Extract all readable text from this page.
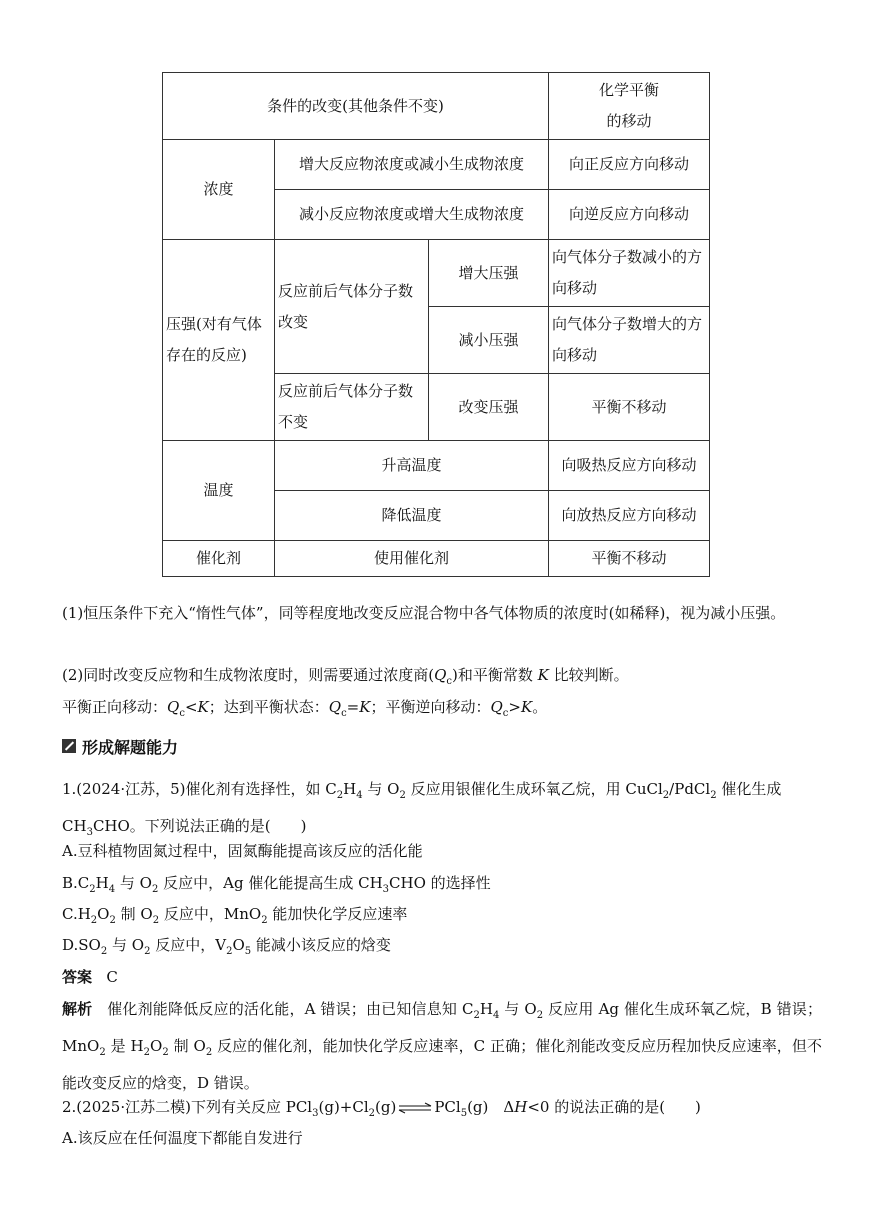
条件的改变(其他条件不变)			化学平衡
的移动
浓度	增大反应物浓度或减小生成物浓度		向正反应方向移动
	减小反应物浓度或增大生成物浓度		向逆反应方向移动
压强(对有气体存在的反应)	反应前后气体分子数改变	增大压强	向气体分子数减小的方向移动
		减小压强	向气体分子数增大的方向移动
	反应前后气体分子数不变	改变压强	平衡不移动
温度	升高温度		向吸热反应方向移动
	降低温度		向放热反应方向移动
催化剂	使用催化剂		平衡不移动
(1)恒压条件下充入“惰性气体”，同等程度地改变反应混合物中各气体物质的浓度时(如稀释)，视为减小压强。
(2)同时改变反应物和生成物浓度时，则需要通过浓度商$(Q_c)$和平衡常数 K 比较判断。
平衡正向移动：$Q_c<K$；达到平衡状态：$Q_c=K$；平衡逆向移动：$Q_c>K$。
形成解题能力
1.(2024·江苏，5)催化剂有选择性，如 $C_2H_4$ 与 $O_2$ 反应用银催化生成环氧乙烷，用 CuCl$_2$/PdCl$_2$ 催化生成$CH_3CHO$。下列说法正确的是(　　)
A.豆科植物固氮过程中，固氮酶能提高该反应的活化能
$B.C_2H_4$ 与 $O_2$ 反应中，Ag 催化能提高生成 $CH_3CHO$ 的选择性
$C.H_2O_2$ 制 $O_2$ 反应中，MnO$_2$ 能加快化学反应速率
$D.SO_2$ 与 $O_2$ 反应中，$V_2O_5$ 能减小该反应的焓变
答案 C
解析 催化剂能降低反应的活化能，A 错误；由已知信息知 $C_2H_4$ 与 $O_2$ 反应用 Ag 催化生成环氧乙烷，B 错误；MnO$_2$ 是 $H_2O_2$ 制 $O_2$ 反应的催化剂，能加快化学反应速率，C 正确；催化剂能改变反应历程加快反应速率，但不能改变反应的焓变，D 错误。
2.(2025·江苏二模)下列有关反应 $PCl_3(g)+Cl_2(g)$ ⇌ PCl$_5$(g)　ΔH<0 的说法正确的是(　　)
A.该反应在任何温度下都能自发进行
